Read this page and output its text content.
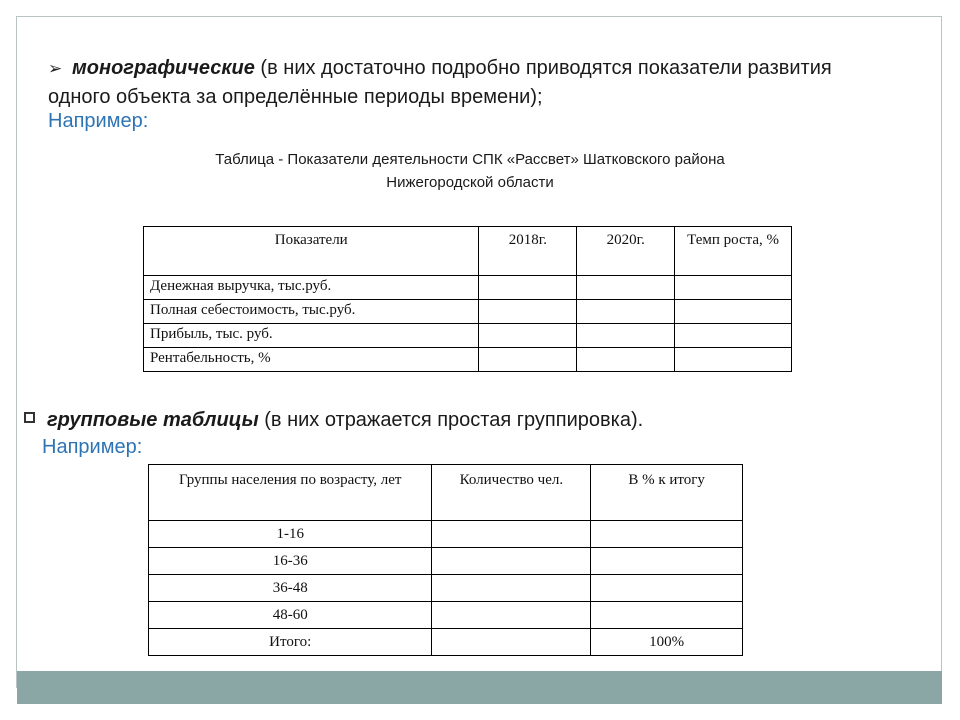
➢ монографические (в них достаточно подробно приводятся показатели развития одного объекта за определённые периоды времени);
Например:
Таблица - Показатели деятельности СПК «Рассвет» Шатковского района
Нижегородской области
Показатели	2018г.	2020г.	Темп роста, %
Денежная выручка, тыс.руб.			
Полная себестоимость, тыс.руб.			
Прибыль, тыс. руб.			
Рентабельность, %			
групповые таблицы (в них отражается простая группировка).
Например:
Группы населения по возрасту, лет	Количество чел.	В % к итогу
1-16		
16-36		
36-48		
48-60		
Итого:		100%
